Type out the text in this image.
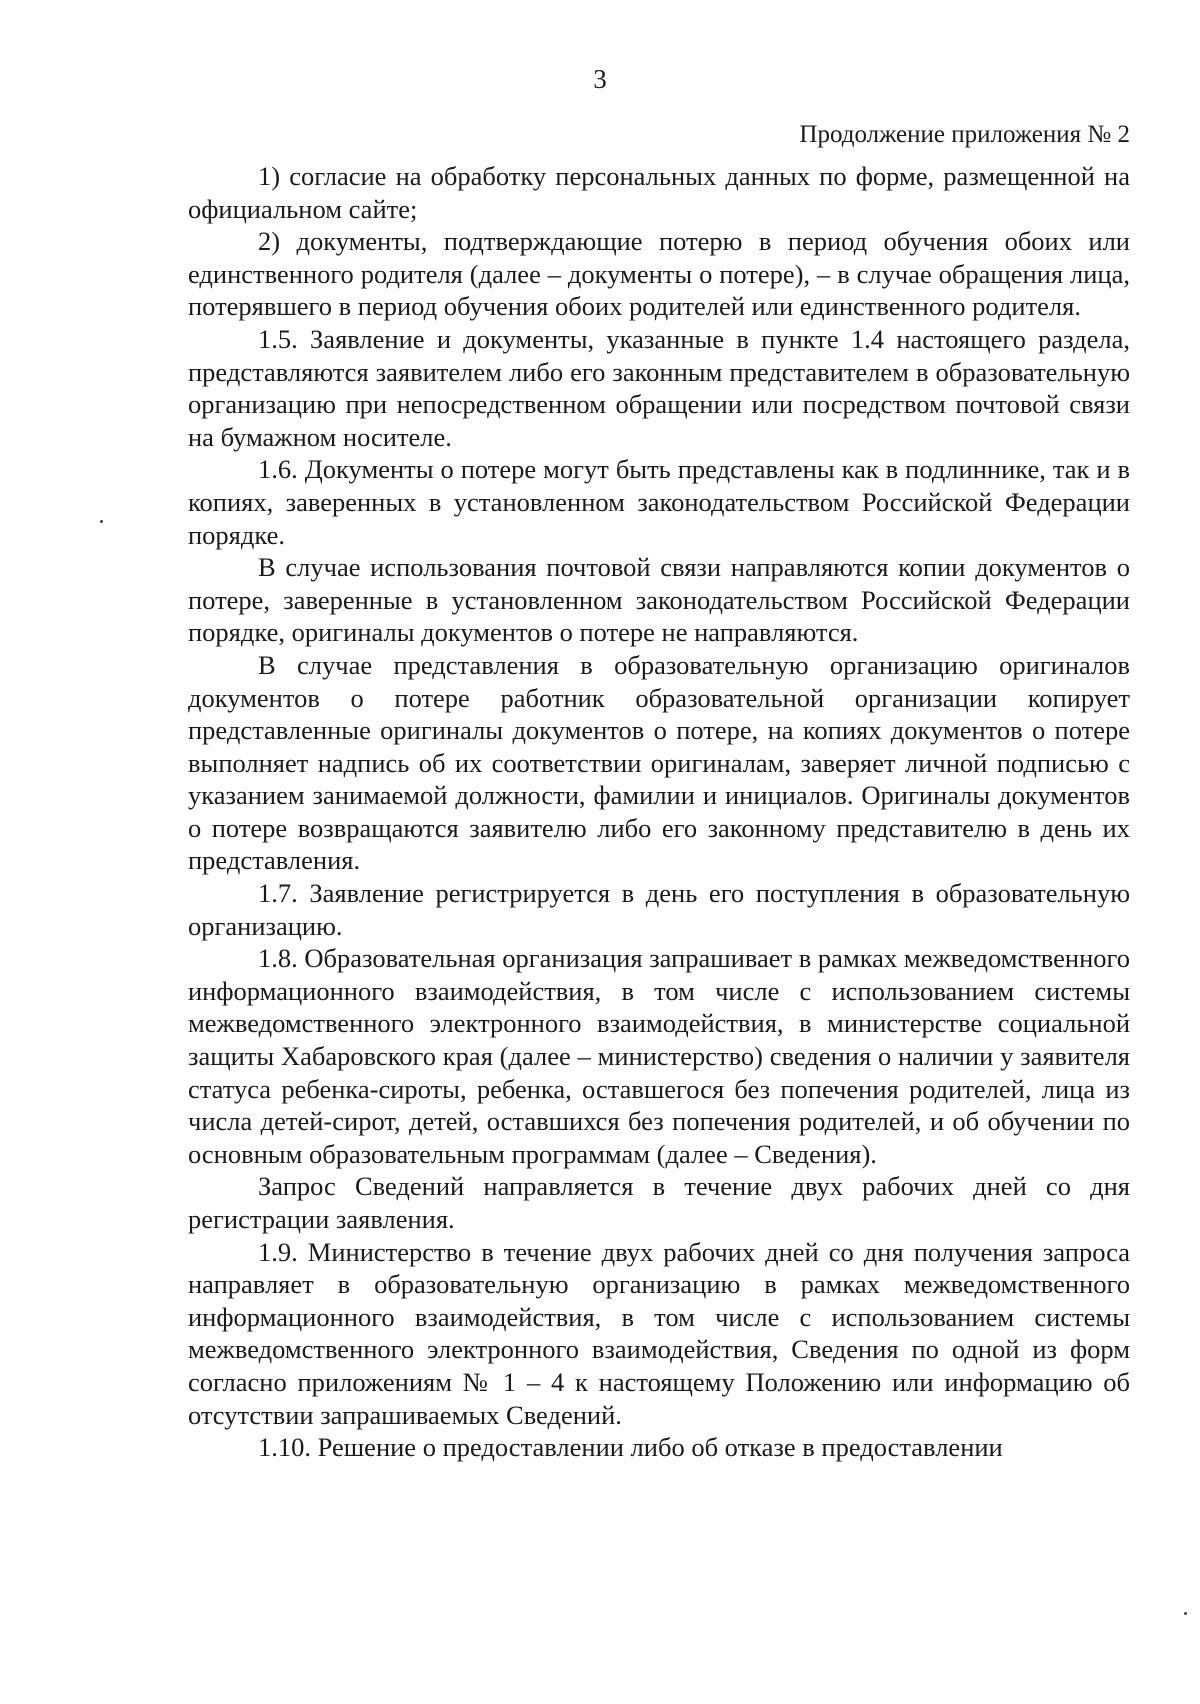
3
Продолжение приложения № 2

1) согласие на обработку персональных данных по форме, размещенной на официальном сайте;

2) документы, подтверждающие потерю в период обучения обоих или единственного родителя (далее – документы о потере), – в случае обращения лица, потерявшего в период обучения обоих родителей или единственного родителя.

1.5. Заявление и документы, указанные в пункте 1.4 настоящего раздела, представляются заявителем либо его законным представителем в образовательную организацию при непосредственном обращении или посредством почтовой связи на бумажном носителе.

1.6. Документы о потере могут быть представлены как в подлиннике, так и в копиях, заверенных в установленном законодательством Российской Федерации порядке.

В случае использования почтовой связи направляются копии документов о потере, заверенные в установленном законодательством Российской Федерации порядке, оригиналы документов о потере не направляются.

В случае представления в образовательную организацию оригиналов документов о потере работник образовательной организации копирует представленные оригиналы документов о потере, на копиях документов о потере выполняет надпись об их соответствии оригиналам, заверяет личной подписью с указанием занимаемой должности, фамилии и инициалов. Оригиналы документов о потере возвращаются заявителю либо его законному представителю в день их представления.

1.7. Заявление регистрируется в день его поступления в образовательную организацию.

1.8. Образовательная организация запрашивает в рамках межведомственного информационного взаимодействия, в том числе с использованием системы межведомственного электронного взаимодействия, в министерстве социальной защиты Хабаровского края (далее – министерство) сведения о наличии у заявителя статуса ребенка-сироты, ребенка, оставшегося без попечения родителей, лица из числа детей-сирот, детей, оставшихся без попечения родителей, и об обучении по основным образовательным программам (далее – Сведения).

Запрос Сведений направляется в течение двух рабочих дней со дня регистрации заявления.

1.9. Министерство в течение двух рабочих дней со дня получения запроса направляет в образовательную организацию в рамках межведомственного информационного взаимодействия, в том числе с использованием системы межведомственного электронного взаимодействия, Сведения по одной из форм согласно приложениям № 1 – 4 к настоящему Положению или информацию об отсутствии запрашиваемых Сведений.

1.10. Решение о предоставлении либо об отказе в предоставлении
